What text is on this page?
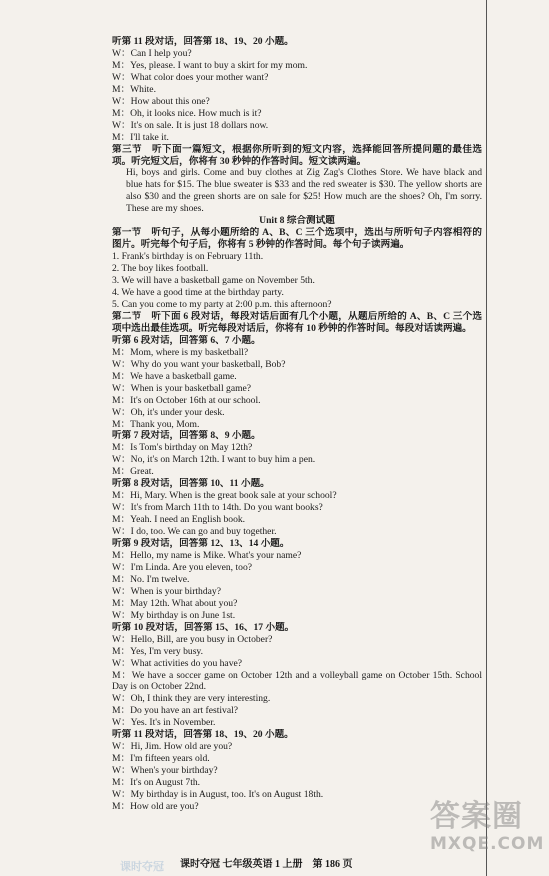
听第 11 段对话，回答第 18、19、20 小题。
W：Can I help you?
M：Yes, please. I want to buy a skirt for my mom.
W：What color does your mother want?
M：White.
W：How about this one?
M：Oh, it looks nice. How much is it?
W：It's on sale. It is just 18 dollars now.
M：I'll take it.
第三节　听下面一篇短文，根据你所听到的短文内容，选择能回答所提问题的最佳选项。听完短文后，你将有 30 秒钟的作答时间。短文读两遍。
Hi, boys and girls. Come and buy clothes at Zig Zag's Clothes Store. We have black and blue hats for $15. The blue sweater is $33 and the red sweater is $30. The yellow shorts are also $30 and the green shorts are on sale for $25! How much are the shoes? Oh, I'm sorry. These are my shoes.
Unit 8 综合测试题
第一节　听句子，从每小题所给的 A、B、C 三个选项中，选出与所听句子内容相符的图片。听完每个句子后，你将有 5 秒钟的作答时间。每个句子读两遍。
1. Frank's birthday is on February 11th.
2. The boy likes football.
3. We will have a basketball game on November 5th.
4. We have a good time at the birthday party.
5. Can you come to my party at 2:00 p.m. this afternoon?
第二节　听下面 6 段对话，每段对话后面有几个小题，从题后所给的 A、B、C 三个选项中选出最佳选项。听完每段对话后，你将有 10 秒钟的作答时间。每段对话读两遍。
听第 6 段对话，回答第 6、7 小题。
M：Mom, where is my basketball?
W：Why do you want your basketball, Bob?
M：We have a basketball game.
W：When is your basketball game?
M：It's on October 16th at our school.
W：Oh, it's under your desk.
M：Thank you, Mom.
听第 7 段对话，回答第 8、9 小题。
M：Is Tom's birthday on May 12th?
W：No, it's on March 12th. I want to buy him a pen.
M：Great.
听第 8 段对话，回答第 10、11 小题。
M：Hi, Mary. When is the great book sale at your school?
W：It's from March 11th to 14th. Do you want books?
M：Yeah. I need an English book.
W：I do, too. We can go and buy together.
听第 9 段对话，回答第 12、13、14 小题。
M：Hello, my name is Mike. What's your name?
W：I'm Linda. Are you eleven, too?
M：No. I'm twelve.
W：When is your birthday?
M：May 12th. What about you?
W：My birthday is on June 1st.
听第 10 段对话，回答第 15、16、17 小题。
W：Hello, Bill, are you busy in October?
M：Yes, I'm very busy.
W：What activities do you have?
M：We have a soccer game on October 12th and a volleyball game on October 15th. School Day is on October 22nd.
W：Oh, I think they are very interesting.
M：Do you have an art festival?
W：Yes. It's in November.
听第 11 段对话，回答第 18、19、20 小题。
W：Hi, Jim. How old are you?
M：I'm fifteen years old.
W：When's your birthday?
M：It's on August 7th.
W：My birthday is in August, too. It's on August 18th.
M：How old are you?
课时夺冠 七年级英语 1 上册　第 186 页
课时夺冠
答案圈
MXQE.COM
